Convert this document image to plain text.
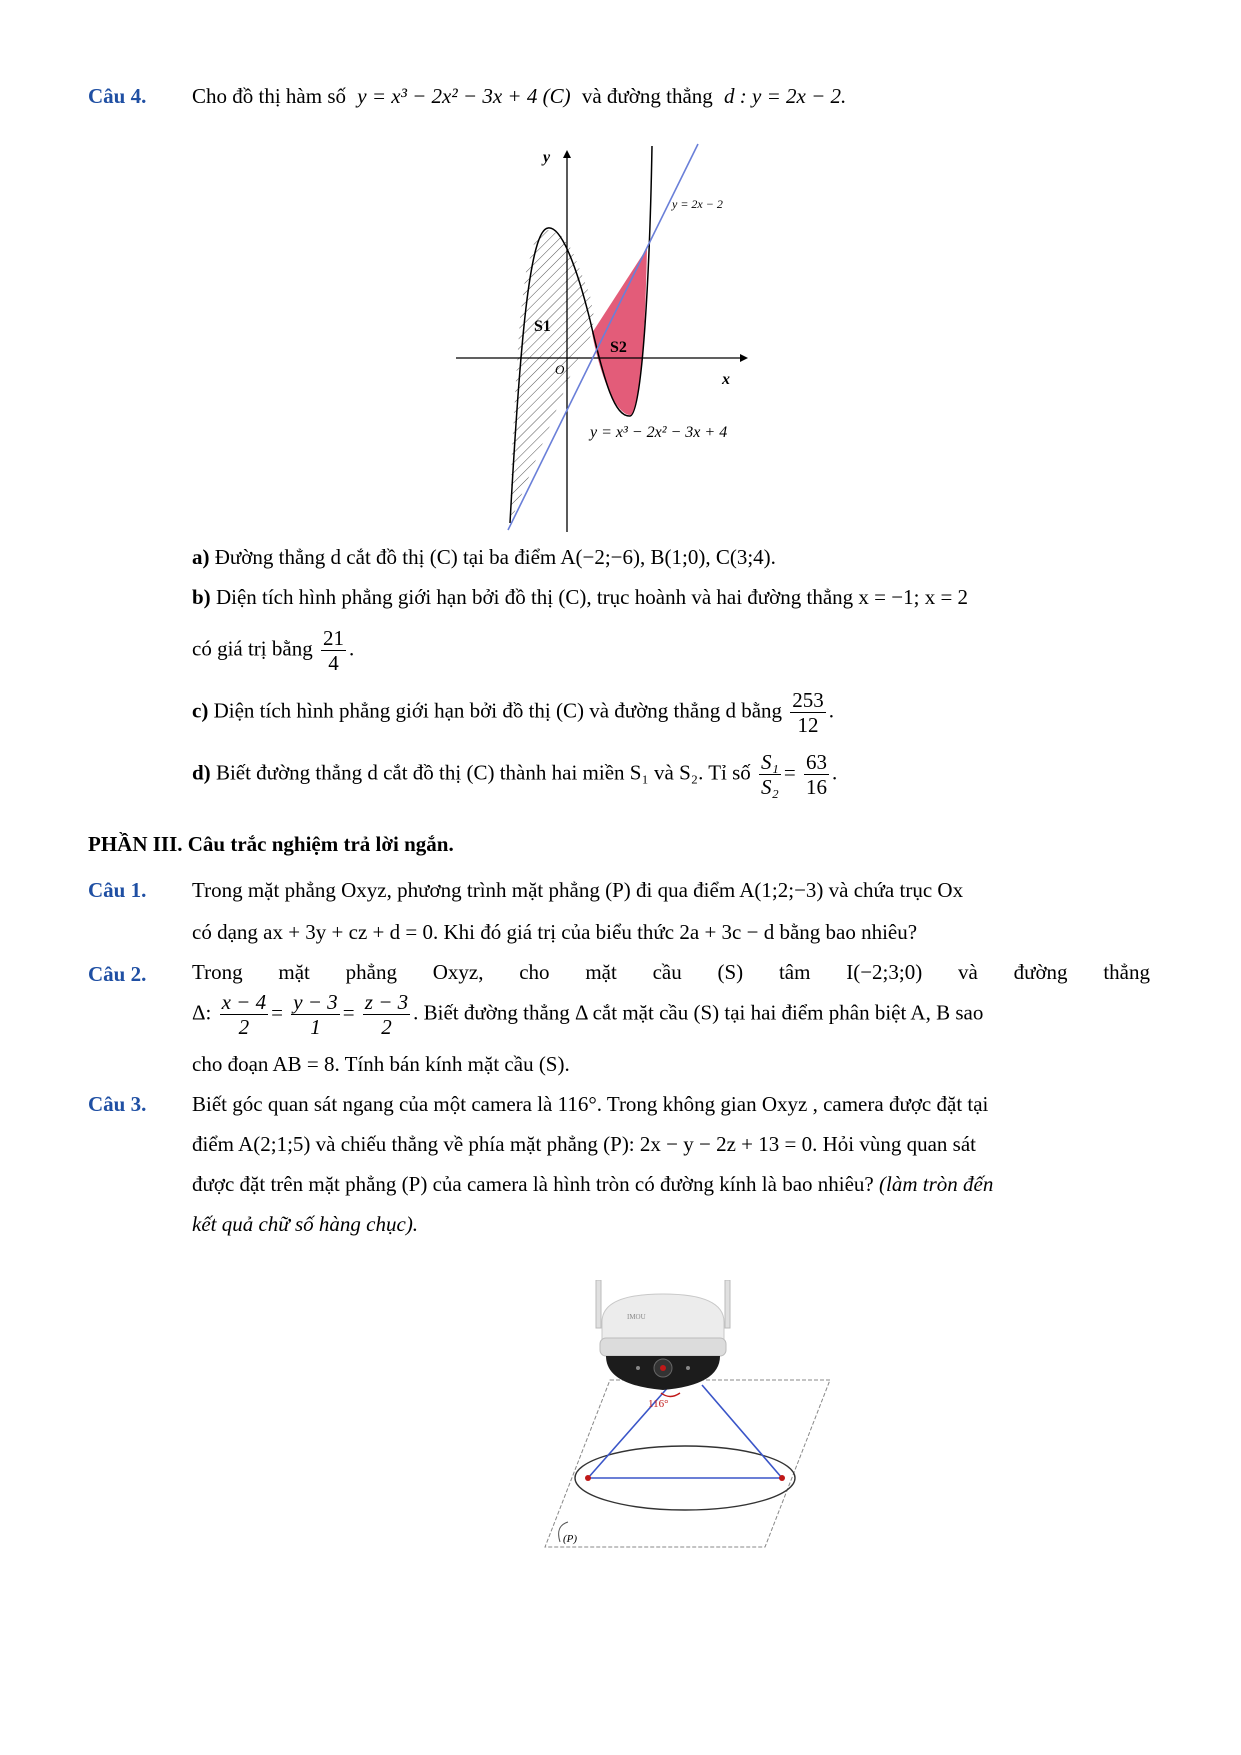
Câu 4. Cho đồ thị hàm số y = x³ − 2x² − 3x + 4 (C) và đường thẳng d : y = 2x − 2.
y
x
O
y = 2x − 2
y = x³ − 2x² − 3x + 4
S1
S2
a) Đường thẳng d cắt đồ thị (C) tại ba điểm A(−2;−6), B(1;0), C(3;4).
b) Diện tích hình phẳng giới hạn bởi đồ thị (C), trục hoành và hai đường thẳng x = −1; x = 2
có giá trị bằng $\frac{21}{4}$ .
c) Diện tích hình phẳng giới hạn bởi đồ thị (C) và đường thẳng d bằng $\frac{253}{12}$ .
d) Biết đường thẳng d cắt đồ thị (C) thành hai miền S₁ và S₂. Tỉ số $\frac{\text{S₁}}{\text{S₂}} = \frac{63}{16}$ .
PHẦN III. Câu trắc nghiệm trả lời ngắn.
Câu 1. Trong mặt phẳng Oxyz, phương trình mặt phẳng (P) đi qua điểm A(1;2;−3) và chứa trục Ox
có dạng ax + 3y + cz + d = 0. Khi đó giá trị của biểu thức 2a + 3c − d bằng bao nhiêu?
Câu 2. Trong mặt phẳng Oxyz, cho mặt cầu (S) tâm I(−2;3;0) và đường thẳng
Δ: $\frac{x - 4}{2} = \frac{y - 3}{1} = \frac{z - 3}{2}$ . Biết đường thẳng Δ cắt mặt cầu (S) tại hai điểm phân biệt A, B sao
cho đoạn AB = 8. Tính bán kính mặt cầu (S).
Câu 3. Biết góc quan sát ngang của một camera là 116°. Trong không gian Oxyz , camera được đặt tại
điểm A(2;1;5) và chiếu thẳng về phía mặt phẳng (P): 2x − y − 2z + 13 = 0. Hỏi vùng quan sát
được đặt trên mặt phẳng (P) của camera là hình tròn có đường kính là bao nhiêu? (làm tròn đến
kết quả chữ số hàng chục).
IMOU
116°
(P)
